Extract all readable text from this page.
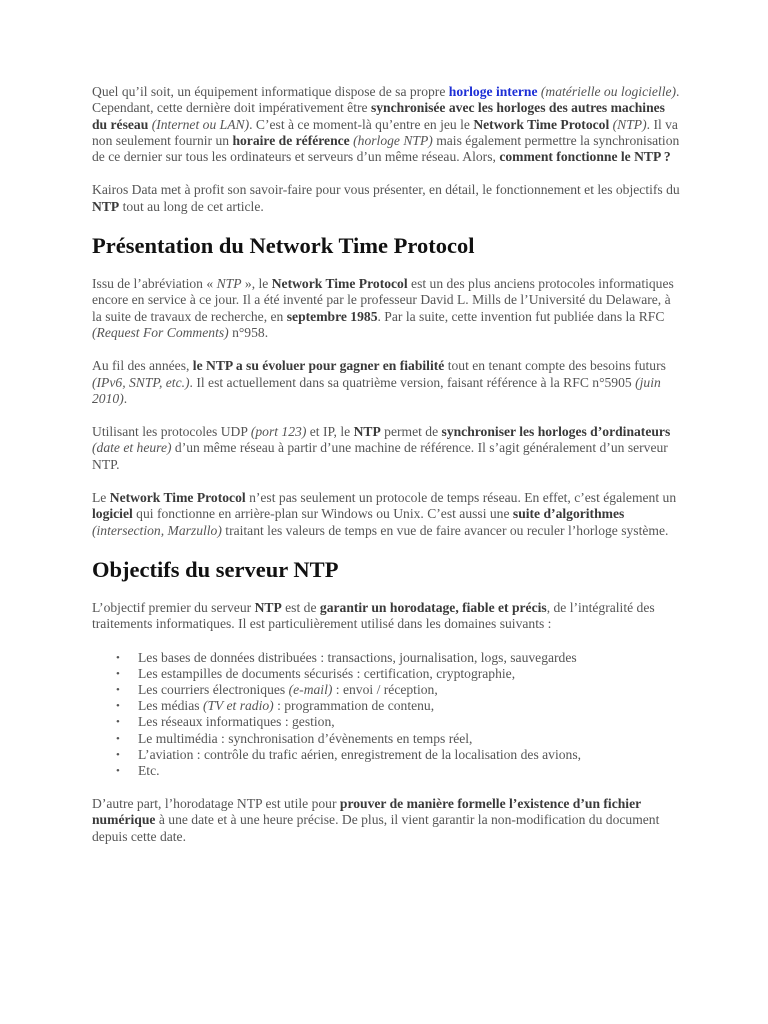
Quel qu’il soit, un équipement informatique dispose de sa propre horloge interne (matérielle ou logicielle). Cependant, cette dernière doit impérativement être synchronisée avec les horloges des autres machines du réseau (Internet ou LAN). C’est à ce moment-là qu’entre en jeu le Network Time Protocol (NTP). Il va non seulement fournir un horaire de référence (horloge NTP) mais également permettre la synchronisation de ce dernier sur tous les ordinateurs et serveurs d’un même réseau. Alors, comment fonctionne le NTP ?

Kairos Data met à profit son savoir-faire pour vous présenter, en détail, le fonctionnement et les objectifs du NTP tout au long de cet article.

Présentation du Network Time Protocol

Issu de l’abréviation « NTP », le Network Time Protocol est un des plus anciens protocoles informatiques encore en service à ce jour. Il a été inventé par le professeur David L. Mills de l’Université du Delaware, à la suite de travaux de recherche, en septembre 1985. Par la suite, cette invention fut publiée dans la RFC (Request For Comments) n°958.

Au fil des années, le NTP a su évoluer pour gagner en fiabilité tout en tenant compte des besoins futurs (IPv6, SNTP, etc.). Il est actuellement dans sa quatrième version, faisant référence à la RFC n°5905 (juin 2010).

Utilisant les protocoles UDP (port 123) et IP, le NTP permet de synchroniser les horloges d’ordinateurs (date et heure) d’un même réseau à partir d’une machine de référence. Il s’agit généralement d’un serveur NTP.

Le Network Time Protocol n’est pas seulement un protocole de temps réseau. En effet, c’est également un logiciel qui fonctionne en arrière-plan sur Windows ou Unix. C’est aussi une suite d’algorithmes (intersection, Marzullo) traitant les valeurs de temps en vue de faire avancer ou reculer l’horloge système.

Objectifs du serveur NTP

L’objectif premier du serveur NTP est de garantir un horodatage, fiable et précis, de l’intégralité des traitements informatiques. Il est particulièrement utilisé dans les domaines suivants :

• Les bases de données distribuées : transactions, journalisation, logs, sauvegardes
• Les estampilles de documents sécurisés : certification, cryptographie,
• Les courriers électroniques (e-mail) : envoi / réception,
• Les médias (TV et radio) : programmation de contenu,
• Les réseaux informatiques : gestion,
• Le multimédia : synchronisation d’évènements en temps réel,
• L’aviation : contrôle du trafic aérien, enregistrement de la localisation des avions,
• Etc.

D’autre part, l’horodatage NTP est utile pour prouver de manière formelle l’existence d’un fichier numérique à une date et à une heure précise. De plus, il vient garantir la non-modification du document depuis cette date.
